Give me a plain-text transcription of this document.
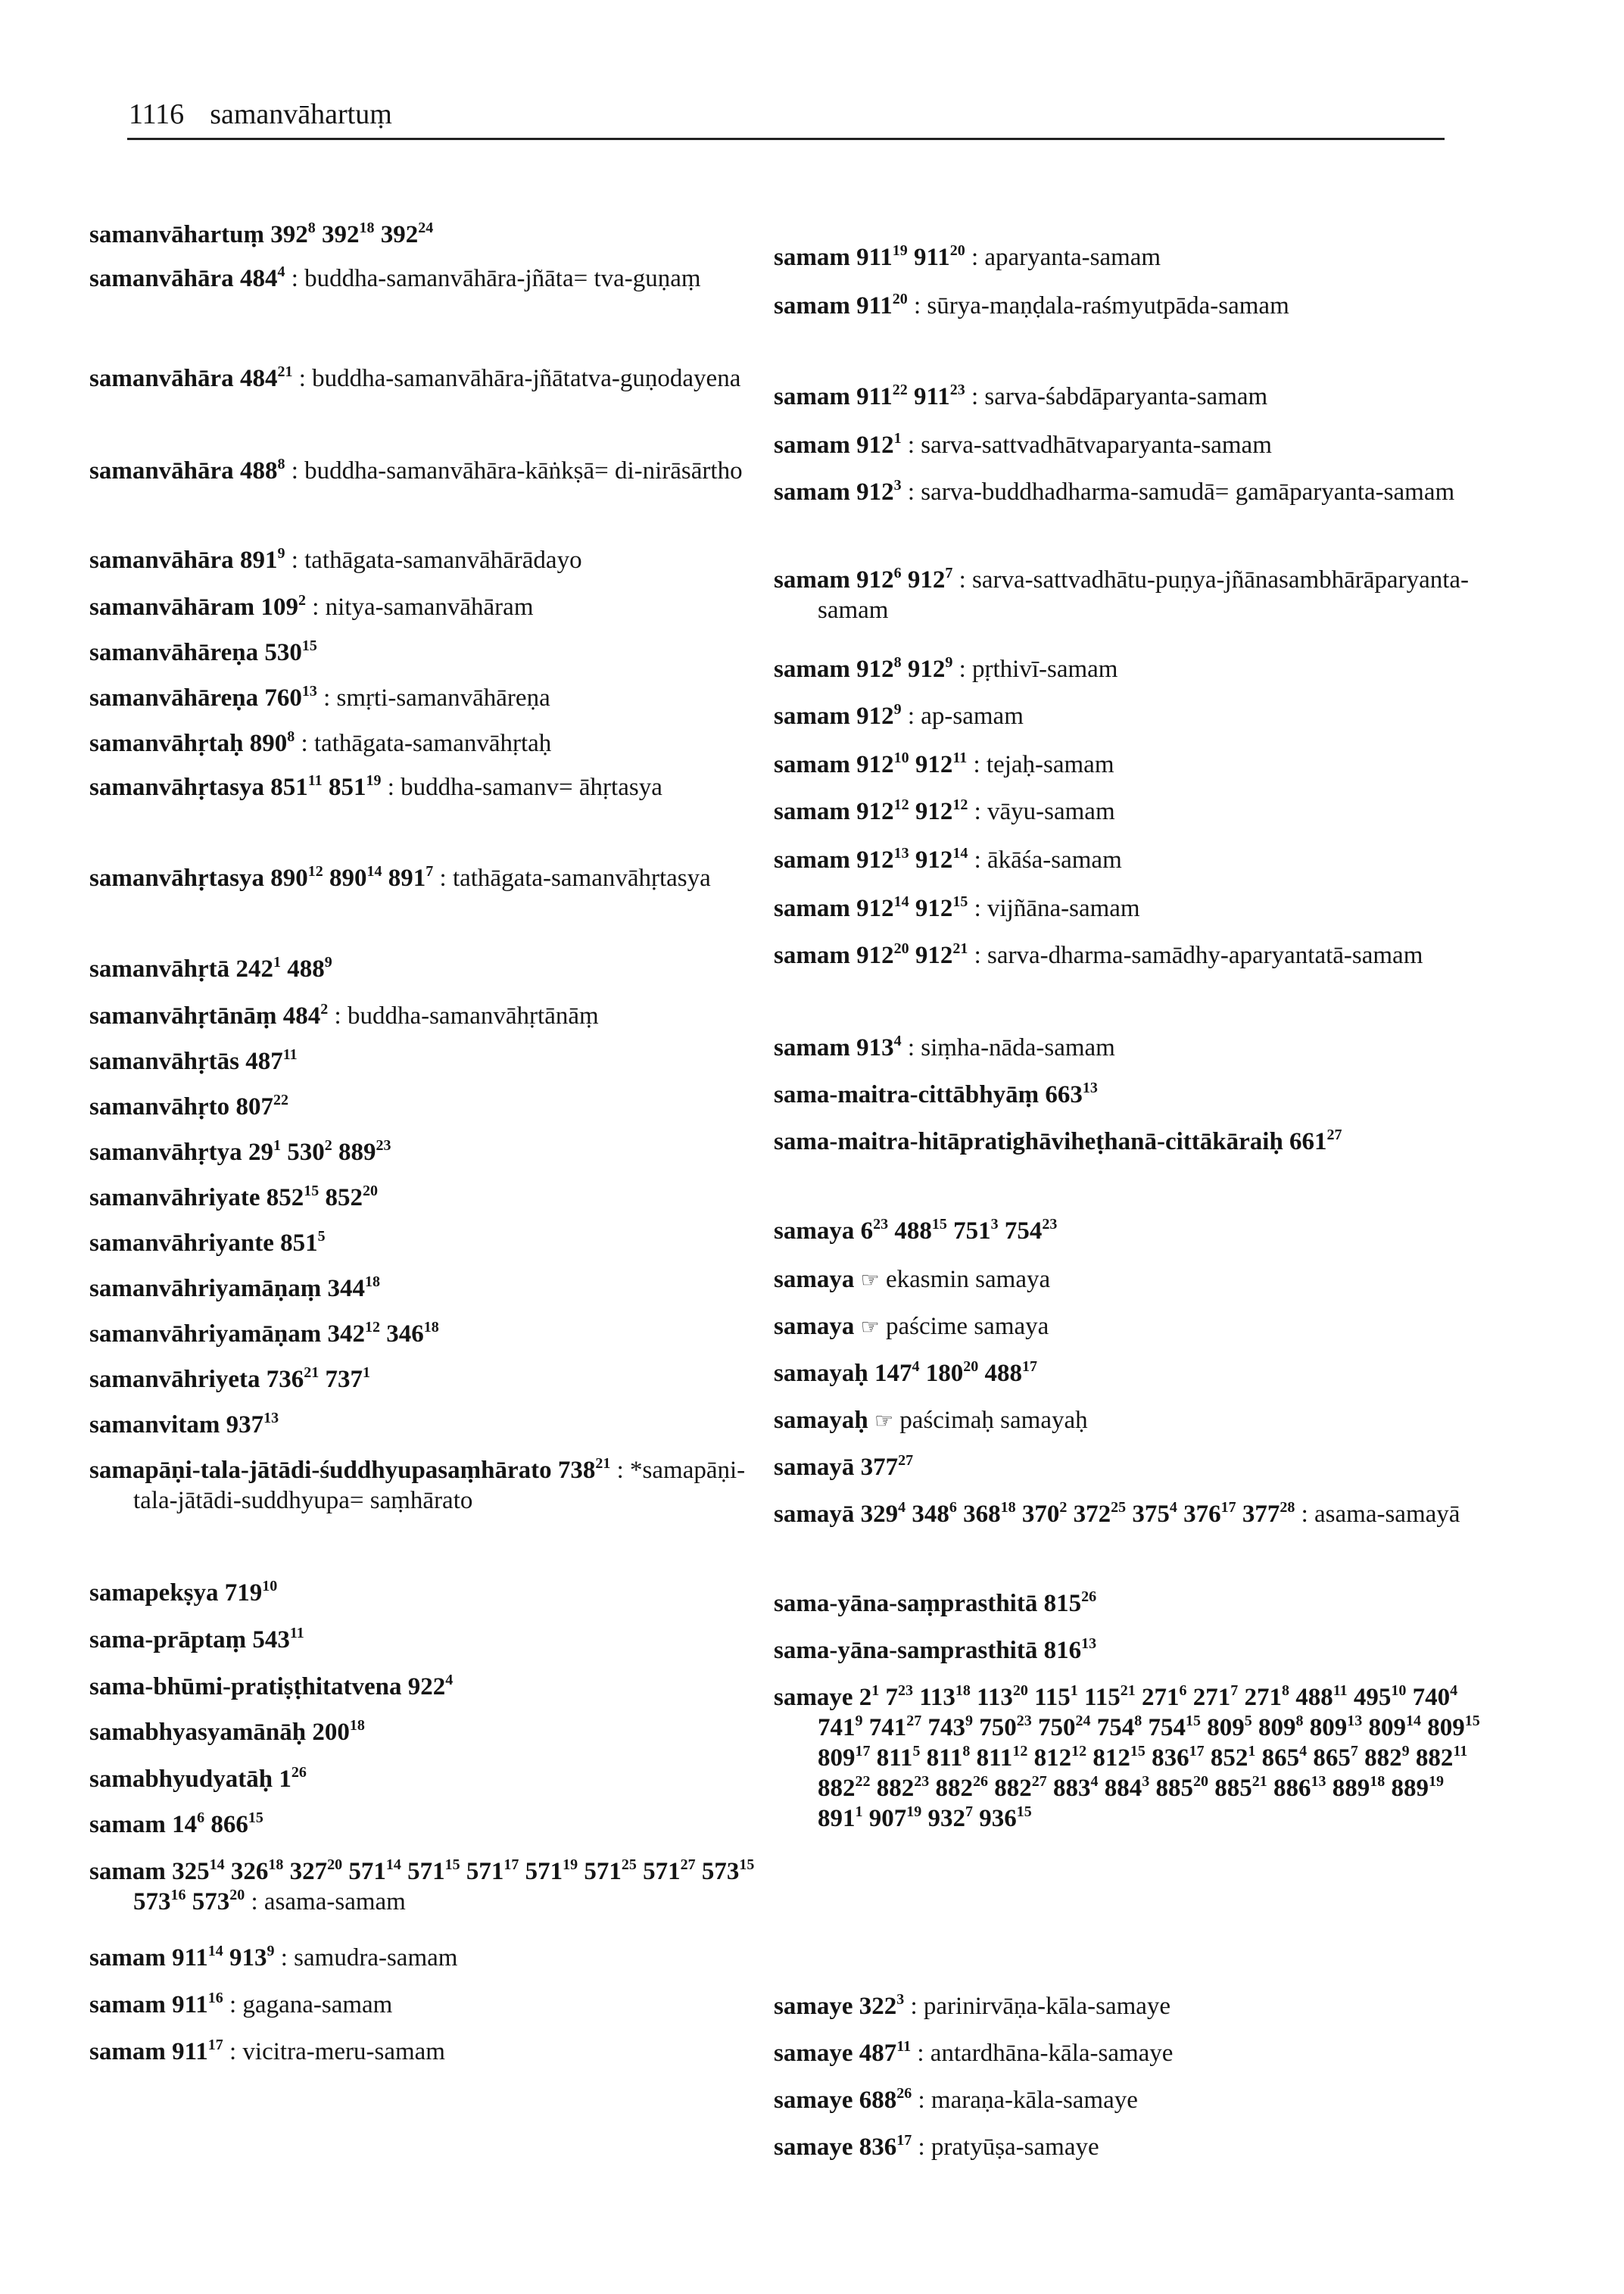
1116 samanvāhartuṃ

samanvāhartuṃ $392^8$ $392^{18}$ $392^{24}$

samanvāhāra $484^4$ : buddha-samanvāhāra-jñāta= tva-guṇaṃ

samanvāhāra $484^{21}$ : buddha-samanvāhāra-jñātatva-guṇodayena

samanvāhāra $488^8$ : buddha-samanvāhāra-kāṅkṣā= di-nirāsārtho

samanvāhāra $891^9$ : tathāgata-samanvāhārādayo

samanvāhāram $109^2$ : nitya-samanvāhāram

samanvāhāreṇa $530^{15}$

samanvāhāreṇa $760^{13}$ : smṛti-samanvāhāreṇa

samanvāhṛtaḥ $890^8$ : tathāgata-samanvāhṛtaḥ

samanvāhṛtasya $851^{11}$ $851^{19}$ : buddha-samanv= āhṛtasya

samanvāhṛtasya $890^{12}$ $890^{14}$ $891^7$ : tathāgata-samanvāhṛtasya

samanvāhṛtā $242^1$ $488^9$

samanvāhṛtānāṃ $484^2$ : buddha-samanvāhṛtānāṃ

samanvāhṛtās $487^{11}$

samanvāhṛto $807^{22}$

samanvāhṛtya $29^1$ $530^2$ $889^{23}$

samanvāhriyate $852^{15}$ $852^{20}$

samanvāhriyante $851^5$

samanvāhriyamāṇaṃ $344^{18}$

samanvāhriyamāṇam $342^{12}$ $346^{18}$

samanvāhriyeta $736^{21}$ $737^1$

samanvitam $937^{13}$

samapāṇi-tala-jātādi-śuddhyupasaṃhārato $738^{21}$ : *samapāṇi-tala-jātādi-suddhyupa= saṃhārato

samapekṣya $719^{10}$

sama-prāptaṃ $543^{11}$

sama-bhūmi-pratiṣṭhitatvena $922^4$

samabhyasyamānāḥ $200^{18}$

samabhyudyatāḥ $1^{26}$

samam $14^6$ $866^{15}$

samam $325^{14}$ $326^{18}$ $327^{20}$ $571^{14}$ $571^{15}$ $571^{17}$ $571^{19}$ $571^{25}$ $571^{27}$ $573^{15}$ $573^{16}$ $573^{20}$ : asama-samam

samam $911^{14}$ $913^9$ : samudra-samam

samam $911^{16}$ : gagana-samam

samam $911^{17}$ : vicitra-meru-samam

samam $911^{19}$ $911^{20}$ : aparyanta-samam

samam $911^{20}$ : sūrya-maṇḍala-raśmyutpāda-samam

samam $911^{22}$ $911^{23}$ : sarva-śabdāparyanta-samam

samam $912^1$ : sarva-sattvadhātvaparyanta-samam

samam $912^3$ : sarva-buddhadharma-samudā= gamāparyanta-samam

samam $912^6$ $912^7$ : sarva-sattvadhātu-puṇya-jñānasambhārāparyanta-samam

samam $912^8$ $912^9$ : pṛthivī-samam

samam $912^9$ : ap-samam

samam $912^{10}$ $912^{11}$ : tejaḥ-samam

samam $912^{12}$ $912^{12}$ : vāyu-samam

samam $912^{13}$ $912^{14}$ : ākāśa-samam

samam $912^{14}$ $912^{15}$ : vijñāna-samam

samam $912^{20}$ $912^{21}$ : sarva-dharma-samādhy-aparyantatā-samam

samam $913^4$ : siṃha-nāda-samam

sama-maitra-cittābhyāṃ $663^{13}$

sama-maitra-hitāpratighāviheṭhanā-cittākāraiḥ $661^{27}$

samaya $6^{23}$ $488^{15}$ $751^3$ $754^{23}$

samaya ☞ ekasmin samaya

samaya ☞ paścime samaya

samayaḥ $147^4$ $180^{20}$ $488^{17}$

samayaḥ ☞ paścimaḥ samayaḥ

samayā $377^{27}$

samayā $329^4$ $348^6$ $368^{18}$ $370^2$ $372^{25}$ $375^4$ $376^{17}$ $377^{28}$ : asama-samayā

sama-yāna-saṃprasthitā $815^{26}$

sama-yāna-samprasthitā $816^{13}$

samaye $2^1$ $7^{23}$ $113^{18}$ $113^{20}$ $115^1$ $115^{21}$ $271^6$ $271^7$ $271^8$ $488^{11}$ $495^{10}$ $740^4$ $741^9$ $741^{27}$ $743^9$ $750^{23}$ $750^{24}$ $754^8$ $754^{15}$ $809^5$ $809^8$ $809^{13}$ $809^{14}$ $809^{15}$ $809^{17}$ $811^5$ $811^8$ $811^{12}$ $812^{12}$ $812^{15}$ $836^{17}$ $852^1$ $865^4$ $865^7$ $882^9$ $882^{11}$ $882^{22}$ $882^{23}$ $882^{26}$ $882^{27}$ $883^4$ $884^3$ $885^{20}$ $885^{21}$ $886^{13}$ $889^{18}$ $889^{19}$ $891^1$ $907^{19}$ $932^7$ $936^{15}$

samaye $322^3$ : parinirvāṇa-kāla-samaye

samaye $487^{11}$ : antardhāna-kāla-samaye

samaye $688^{26}$ : maraṇa-kāla-samaye

samaye $836^{17}$ : pratyūṣa-samaye
